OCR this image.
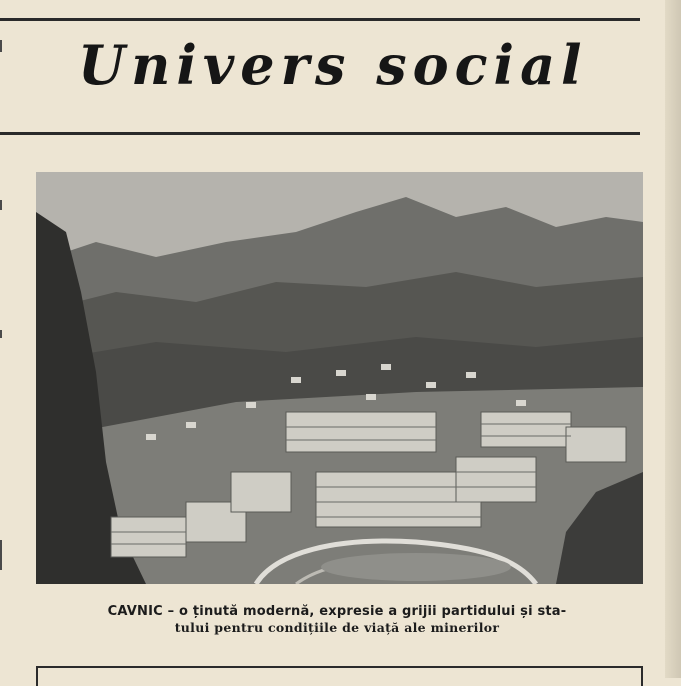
Univers social
CAVNIC – o ținută modernă, expresie a grijii partidului și sta-
tului pentru condițiile de viață ale minerilor
